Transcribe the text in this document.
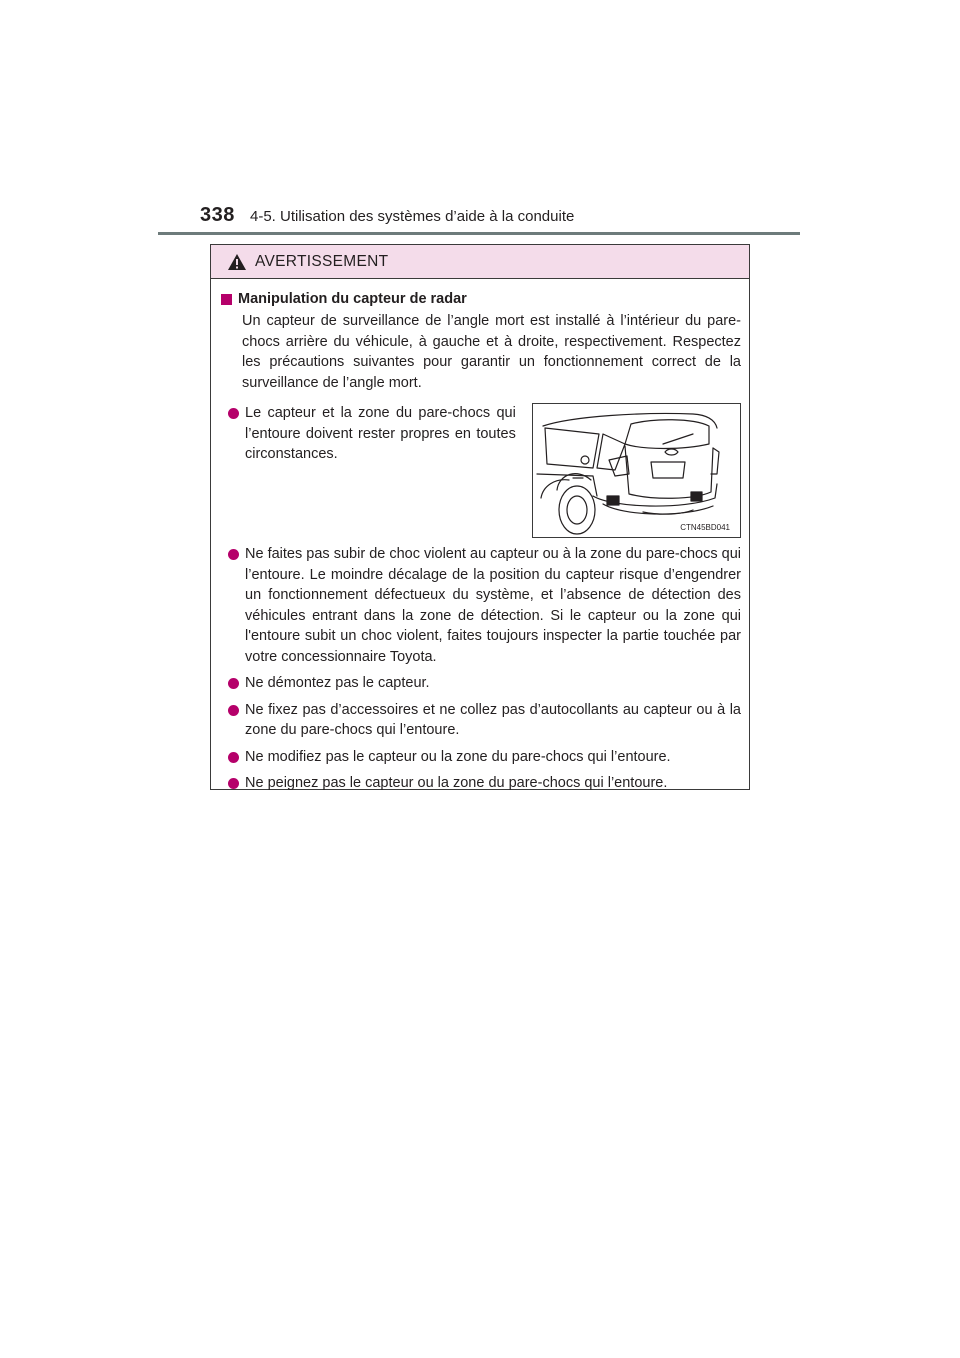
338 4-5. Utilisation des systèmes d’aide à la conduite
AVERTISSEMENT
Manipulation du capteur de radar

Un capteur de surveillance de l’angle mort est installé à l’intérieur du pare-chocs arrière du véhicule, à gauche et à droite, respectivement. Respectez les précautions suivantes pour garantir un fonctionnement correct de la surveillance de l’angle mort.

Le capteur et la zone du pare-chocs qui l’entoure doivent rester propres en toutes circonstances.
CTN45BD041
Ne faites pas subir de choc violent au capteur ou à la zone du pare-chocs qui l’entoure. Le moindre décalage de la position du capteur risque d’engendrer un fonctionnement défectueux du système, et l’absence de détection des véhicules entrant dans la zone de détection. Si le capteur ou la zone qui l'entoure subit un choc violent, faites toujours inspecter la partie touchée par votre concessionnaire Toyota.
Ne démontez pas le capteur.
Ne fixez pas d’accessoires et ne collez pas d’autocollants au capteur ou à la zone du pare-chocs qui l’entoure.
Ne modifiez pas le capteur ou la zone du pare-chocs qui l’entoure.
Ne peignez pas le capteur ou la zone du pare-chocs qui l’entoure.
